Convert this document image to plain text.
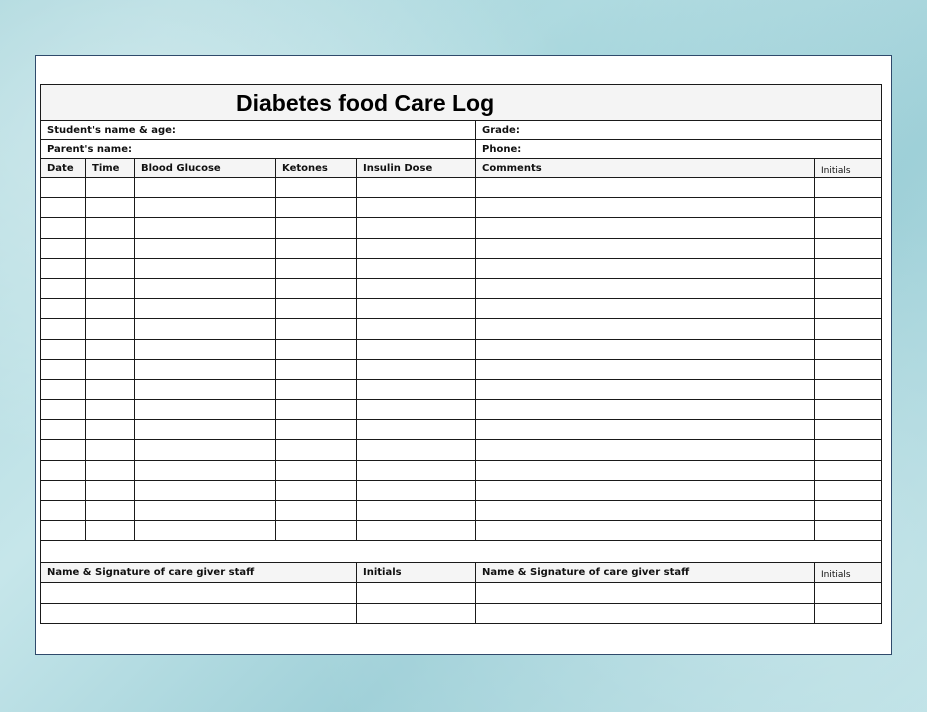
Diabetes food Care Log						

Student's name & age:					Grade:	
Parent's name:					Phone:	
Date	Time	Blood Glucose	Ketones	Insulin Dose	Comments	Initials

Name & Signature of care giver staff				Initials	Name & Signature of care giver staff	Initials
